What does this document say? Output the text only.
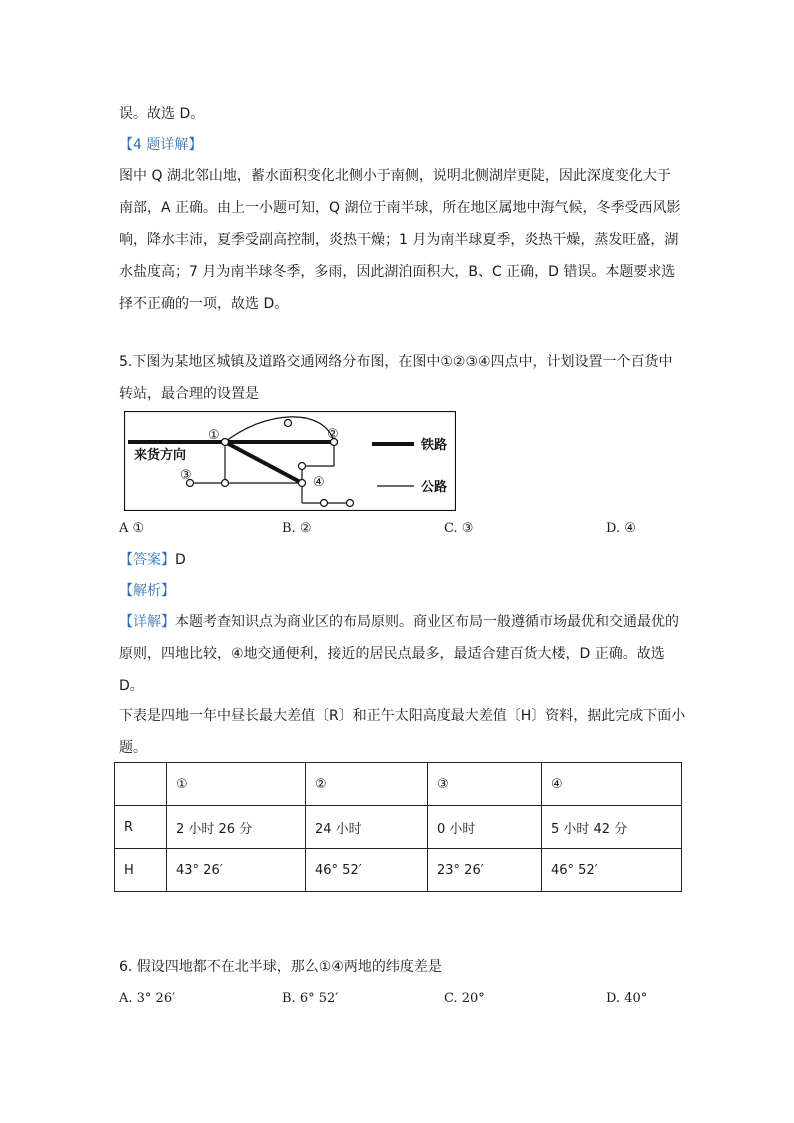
误。故选 D。
【4 题详解】
图中 Q 湖北邻山地，蓄水面积变化北侧小于南侧，说明北侧湖岸更陡，因此深度变化大于
南部，A 正确。由上一小题可知，Q 湖位于南半球，所在地区属地中海气候，冬季受西风影
响，降水丰沛，夏季受副高控制，炎热干燥；1 月为南半球夏季，炎热干燥，蒸发旺盛，湖
水盐度高；7 月为南半球冬季，多雨，因此湖泊面积大，B、C 正确，D 错误。本题要求选
择不正确的一项，故选 D。
5.下图为某地区城镇及道路交通网络分布图，在图中①②③④四点中，计划设置一个百货中
转站，最合理的设置是
来货方向
①	②
③	④
铁路
公路
A ①	B. ②	C. ③	D. ④
【答案】D
【解析】
【详解】本题考查知识点为商业区的布局原则。商业区布局一般遵循市场最优和交通最优的
原则，四地比较，④地交通便利，接近的居民点最多，最适合建百货大楼，D 正确。故选
D。
下表是四地一年中昼长最大差值〔R〕和正午太阳高度最大差值〔H〕资料，据此完成下面小
题。
	①	②	③	④
R	2 小时 26 分	24 小时	0 小时	5 小时 42 分
H	43° 26′	46° 52′	23° 26′	46° 52′
6. 假设四地都不在北半球，那么①④两地的纬度差是
A. 3° 26′	B. 6° 52′	C. 20°	D. 40°
